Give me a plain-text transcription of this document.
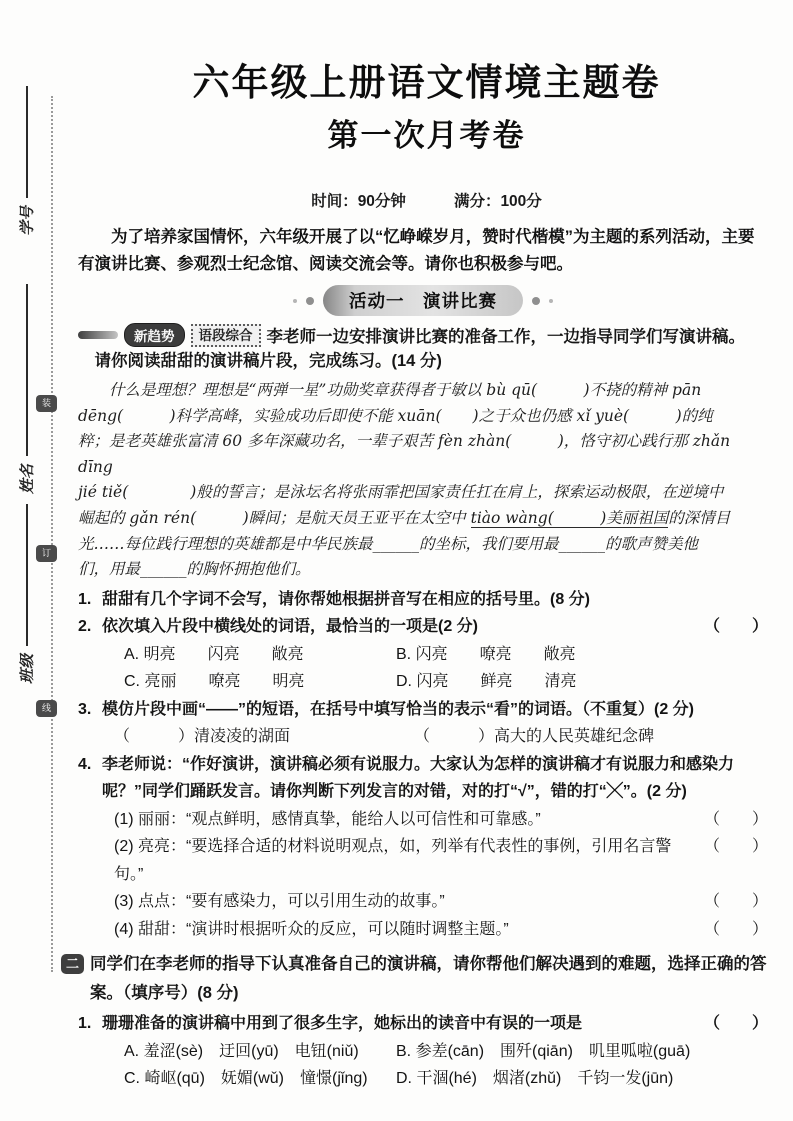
学号
姓名
班级
装
订
线
六年级上册语文情境主题卷
第一次月考卷
时间：90分钟	满分：100分

为了培养家国情怀，六年级开展了以“忆峥嵘岁月，赞时代楷模”为主题的系列活动，主要有演讲比赛、参观烈士纪念馆、阅读交流会等。请你也积极参与吧。

活动一　演讲比赛
新趋势	语段综合 李老师一边安排演讲比赛的准备工作，一边指导同学们写演讲稿。
请你阅读甜甜的演讲稿片段，完成练习。(14 分)

什么是理想？理想是“两弹一星”功勋奖章获得者于敏以 bù qū(　　　)不挠的精神 pān

dēng(　　　)科学高峰，实验成功后即使不能 xuān(　　)之于众也仍感 xǐ yuè(　　　)的纯

粹；是老英雄张富清 60 多年深藏功名，一辈子艰苦 fèn zhàn(　　　)，恪守初心践行那 zhǎn dīng

jié tiě(　　　　)般的誓言；是泳坛名将张雨霏把国家责任扛在肩上，探索运动极限，在逆境中

崛起的 gǎn rén(　　　)瞬间；是航天员王亚平在太空中 tiào wàng(　　　)美丽祖国的深情目

光……每位践行理想的英雄都是中华民族最______的坐标，我们要用最______的歌声赞美他

们，用最______的胸怀拥抱他们。

1. 甜甜有几个字词不会写，请你帮她根据拼音写在相应的括号里。(8 分)
2. 依次填入片段中横线处的词语，最恰当的一项是(2 分)	（　　）
A. 明亮　　闪亮　　敞亮	B. 闪亮　　嘹亮　　敞亮
C. 亮丽　　嘹亮　　明亮	D. 闪亮　　鲜亮　　清亮
3. 模仿片段中画“——”的短语，在括号中填写恰当的表示“看”的词语。（不重复）(2 分)
（　　　）清凌凌的湖面	（　　　）高大的人民英雄纪念碑
4. 李老师说：“作好演讲，演讲稿必须有说服力。大家认为怎样的演讲稿才有说服力和感染力呢？”同学们踊跃发言。请你判断下列发言的对错，对的打“√”，错的打“╳”。(2 分)
(1) 丽丽：“观点鲜明，感情真挚，能给人以可信性和可靠感。”	（　　）
(2) 亮亮：“要选择合适的材料说明观点，如，列举有代表性的事例，引用名言警句。”
（　　）
(3) 点点：“要有感染力，可以引用生动的故事。”	（　　）
(4) 甜甜：“演讲时根据听众的反应，可以随时调整主题。”	（　　）
二 同学们在李老师的指导下认真准备自己的演讲稿，请你帮他们解决遇到的难题，选择正确的答案。（填序号）(8 分)

1. 珊珊准备的演讲稿中用到了很多生字，她标出的读音中有误的一项是	（　　）
A. 羞涩(sè)　迂回(yū)　电钮(niǔ)	B. 参差(cān)　围歼(qiān)　叽里呱啦(guā)
C. 崎岖(qū)　妩媚(wǔ)　憧憬(jǐng)	D. 干涸(hé)　烟渚(zhǔ)　千钧一发(jūn)
